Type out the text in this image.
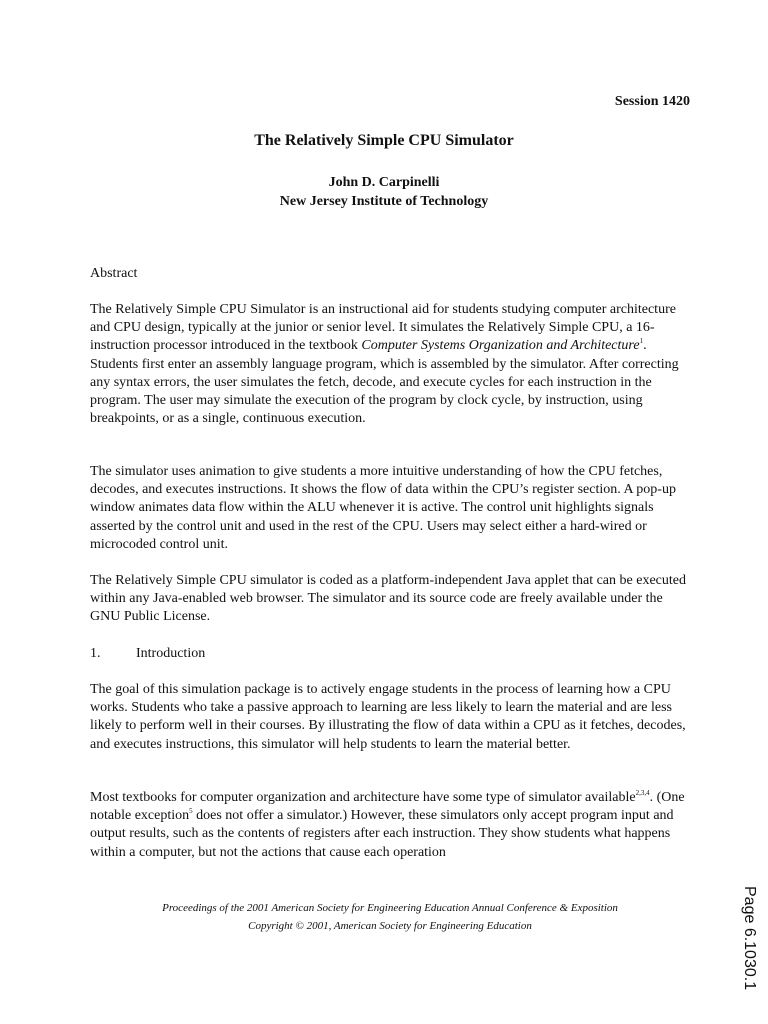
Session 1420
The Relatively Simple CPU Simulator
John D. Carpinelli
New Jersey Institute of Technology
Abstract

The Relatively Simple CPU Simulator is an instructional aid for students studying computer architecture and CPU design, typically at the junior or senior level. It simulates the Relatively Simple CPU, a 16-instruction processor introduced in the textbook Computer Systems Organization and Architecture$^1$. Students first enter an assembly language program, which is assembled by the simulator. After correcting any syntax errors, the user simulates the fetch, decode, and execute cycles for each instruction in the program. The user may simulate the execution of the program by clock cycle, by instruction, using breakpoints, or as a single, continuous execution.

The simulator uses animation to give students a more intuitive understanding of how the CPU fetches, decodes, and executes instructions. It shows the flow of data within the CPU’s register section. A pop-up window animates data flow within the ALU whenever it is active. The control unit highlights signals asserted by the control unit and used in the rest of the CPU. Users may select either a hard-wired or microcoded control unit.

The Relatively Simple CPU simulator is coded as a platform-independent Java applet that can be executed within any Java-enabled web browser. The simulator and its source code are freely available under the GNU Public License.

1.	Introduction

The goal of this simulation package is to actively engage students in the process of learning how a CPU works. Students who take a passive approach to learning are less likely to learn the material and are less likely to perform well in their courses. By illustrating the flow of data within a CPU as it fetches, decodes, and executes instructions, this simulator will help students to learn the material better.

Most textbooks for computer organization and architecture have some type of simulator available$^{2,3,4}$. (One notable exception$^5$ does not offer a simulator.) However, these simulators only accept program input and output results, such as the contents of registers after each instruction. They show students what happens within a computer, but not the actions that cause each operation

Proceedings of the 2001 American Society for Engineering Education Annual Conference & Exposition
Copyright © 2001, American Society for Engineering Education	Page 6.1030.1
